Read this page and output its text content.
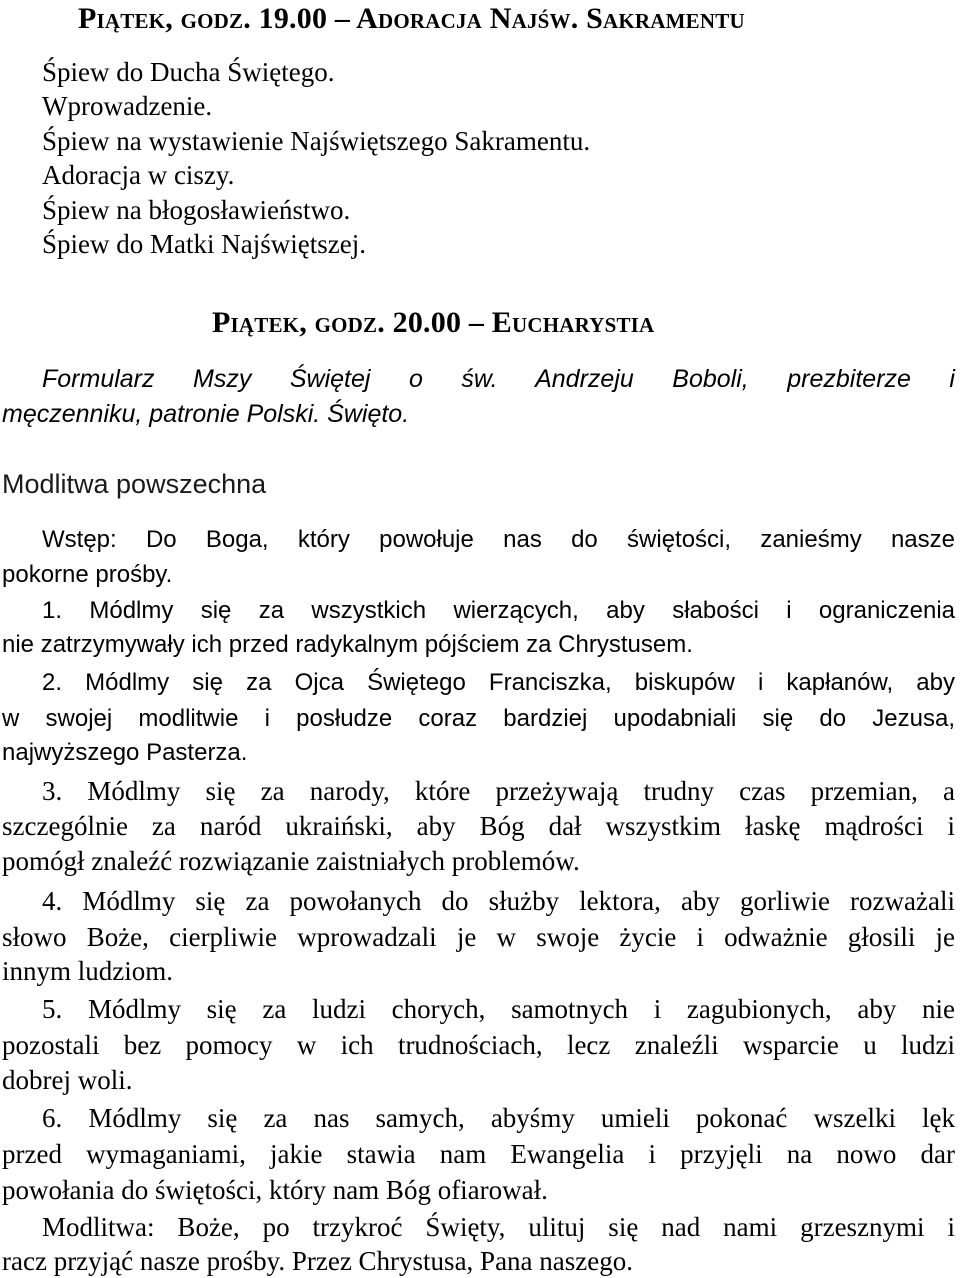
Piątek, godz. 19.00 – Adoracja Najśw. Sakramentu
Śpiew do Ducha Świętego.
Wprowadzenie.
Śpiew na wystawienie Najświętszego Sakramentu.
Adoracja w ciszy.
Śpiew na błogosławieństwo.
Śpiew do Matki Najświętszej.
Piątek, godz. 20.00 – Eucharystia
Formularz Mszy Świętej o św. Andrzeju Boboli, prezbiterze i
męczenniku, patronie Polski. Święto.
Modlitwa powszechna
Wstęp: Do Boga, który powołuje nas do świętości, zanieśmy nasze
pokorne prośby.
1. Módlmy się za wszystkich wierzących, aby słabości i ograniczenia
nie zatrzymywały ich przed radykalnym pójściem za Chrystusem.
2. Módlmy się za Ojca Świętego Franciszka, biskupów i kapłanów, aby
w swojej modlitwie i posłudze coraz bardziej upodabniali się do Jezusa,
najwyższego Pasterza.
3. Módlmy się za narody, które przeżywają trudny czas przemian, a
szczególnie za naród ukraiński, aby Bóg dał wszystkim łaskę mądrości i
pomógł znaleźć rozwiązanie zaistniałych problemów.
4. Módlmy się za powołanych do służby lektora, aby gorliwie rozważali
słowo Boże, cierpliwie wprowadzali je w swoje życie i odważnie głosili je
innym ludziom.
5. Módlmy się za ludzi chorych, samotnych i zagubionych, aby nie
pozostali bez pomocy w ich trudnościach, lecz znaleźli wsparcie u ludzi
dobrej woli.
6. Módlmy się za nas samych, abyśmy umieli pokonać wszelki lęk
przed wymaganiami, jakie stawia nam Ewangelia i przyjęli na nowo dar
powołania do świętości, który nam Bóg ofiarował.
Modlitwa: Boże, po trzykroć Święty, ulituj się nad nami grzesznymi i
racz przyjąć nasze prośby. Przez Chrystusa, Pana naszego.
